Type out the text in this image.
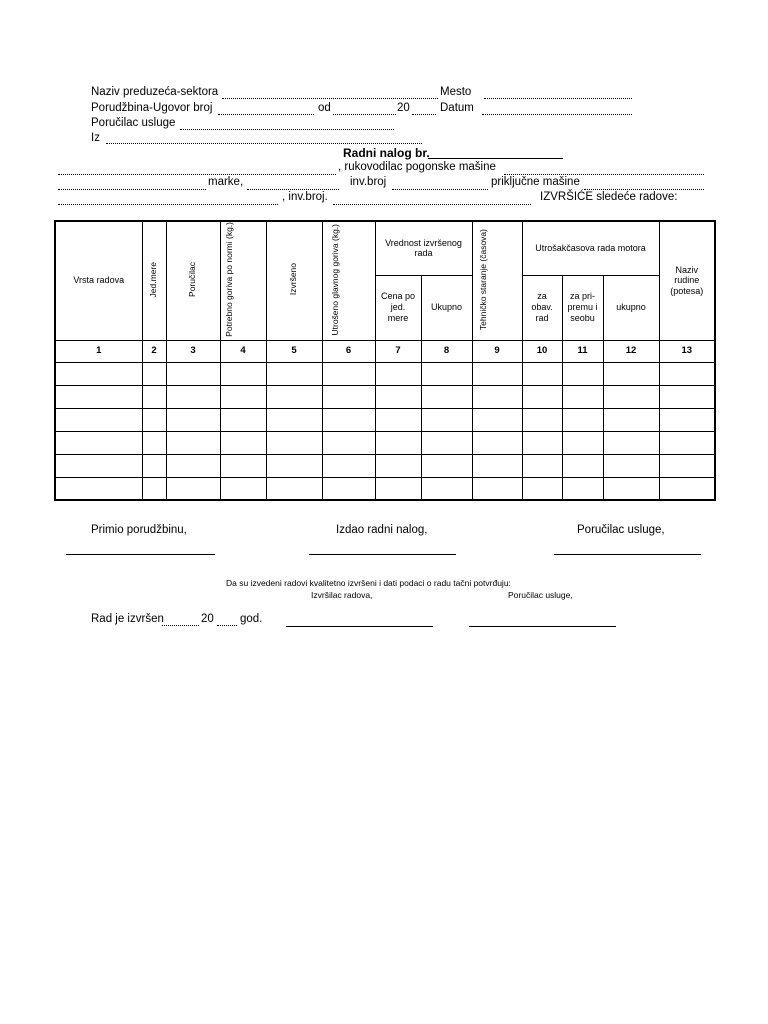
Naziv preduzeća-sektora	Mesto
Porudžbina-Ugovor broj	od	20	Datum
Poručilac usluge
Iz
Radni nalog br.
, rukovodilac pogonske mašine
marke,	inv.broj	priključne mašine
, inv.broj.	IZVRŠIĆE sledeće radove:
Vrsta radova	Jed.mere	Poručilac	Potrebno goriva po normi (kg.)	Izvršeno	Utrošeno glavnog goriva (kg.)	Vrednost izvršenog rada		Tehničko staranje (časova)	Utrošakčasova rada motora			Naziv rudine (potesa)
						Cena po jed. mere	Ukupno		za obav. rad	za pri-premu i seobu	ukupno	
1	2	3	4	5	6	7	8	9	10	11	12	13

Primio porudžbinu,	Izdao radni nalog,	Poručilac usluge,
Da su izvedeni radovi kvalitetno izvršeni i dati podaci o radu tačni potvrđuju:
Izvršilac radova,	Poručilac usluge,
Rad je izvršen	20 god.
